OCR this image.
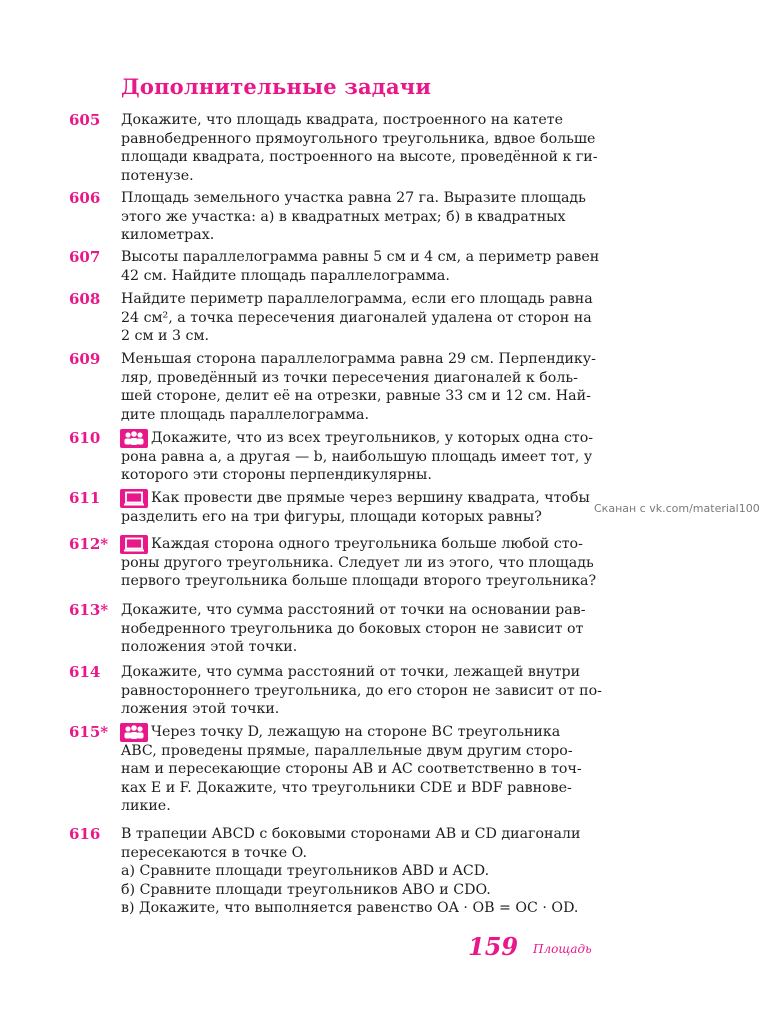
Дополнительные задачи
605 Докажите, что площадь квадрата, построенного на катете
равнобедренного прямоугольного треугольника, вдвое больше
площади квадрата, построенного на высоте, проведённой к ги-
потенузе.
606 Площадь земельного участка равна 27 га. Выразите площадь
этого же участка: а) в квадратных метрах; б) в квадратных
километрах.
607 Высоты параллелограмма равны 5 см и 4 см, а периметр равен
42 см. Найдите площадь параллелограмма.
608 Найдите периметр параллелограмма, если его площадь равна
24 см², а точка пересечения диагоналей удалена от сторон на
2 см и 3 см.
609 Меньшая сторона параллелограмма равна 29 см. Перпендику-
ляр, проведённый из точки пересечения диагоналей к боль-
шей стороне, делит её на отрезки, равные 33 см и 12 см. Най-
дите площадь параллелограмма.
610	Докажите, что из всех треугольников, у которых одна сто-
рона равна a, а другая — b, наибольшую площадь имеет тот, у
которого эти стороны перпендикулярны.
611	Как провести две прямые через вершину квадрата, чтобы
разделить его на три фигуры, площади которых равны?
612*	Каждая сторона одного треугольника больше любой сто-
роны другого треугольника. Следует ли из этого, что площадь
первого треугольника больше площади второго треугольника?
613* Докажите, что сумма расстояний от точки на основании рав-
нобедренного треугольника до боковых сторон не зависит от
положения этой точки.
614 Докажите, что сумма расстояний от точки, лежащей внутри
равностороннего треугольника, до его сторон не зависит от по-
ложения этой точки.
615*	Через точку D, лежащую на стороне BC треугольника
ABC, проведены прямые, параллельные двум другим сторо-
нам и пересекающие стороны AB и AC соответственно в точ-
ках E и F. Докажите, что треугольники CDE и BDF равнове-
ликие.
616 В трапеции ABCD с боковыми сторонами AB и CD диагонали
пересекаются в точке O.
а) Сравните площади треугольников ABD и ACD.
б) Сравните площади треугольников ABO и CDO.
в) Докажите, что выполняется равенство OA · OB = OC · OD.
Сканан с vk.com/material100
159 Площадь
